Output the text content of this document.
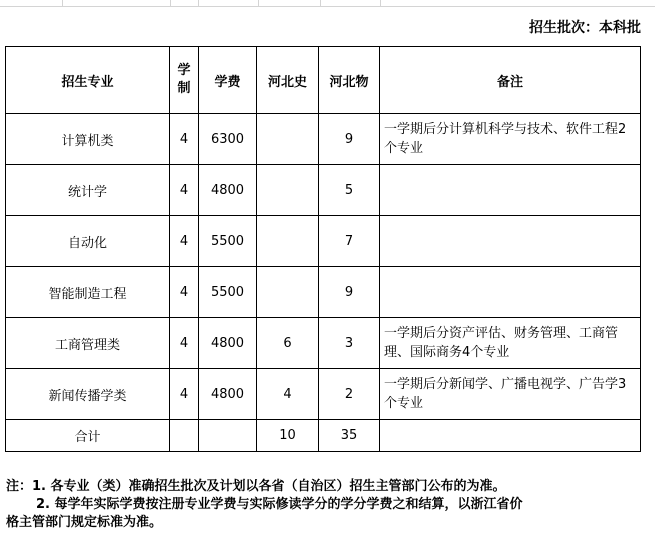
招生批次：本科批
招生专业	学制	学费	河北史	河北物	备注
计算机类	4	6300		9	一学期后分计算机科学与技术、软件工程2个专业
统计学	4	4800		5	
自动化	4	5500		7	
智能制造工程	4	5500		9	
工商管理类	4	4800	6	3	一学期后分资产评估、财务管理、工商管理、国际商务4个专业
新闻传播学类	4	4800	4	2	一学期后分新闻学、广播电视学、广告学3个专业
合计			10	35	
注：1. 各专业（类）准确招生批次及计划以各省（自治区）招生主管部门公布的为准。
2. 每学年实际学费按注册专业学费与实际修读学分的学分学费之和结算，以浙江省价
格主管部门规定标准为准。
